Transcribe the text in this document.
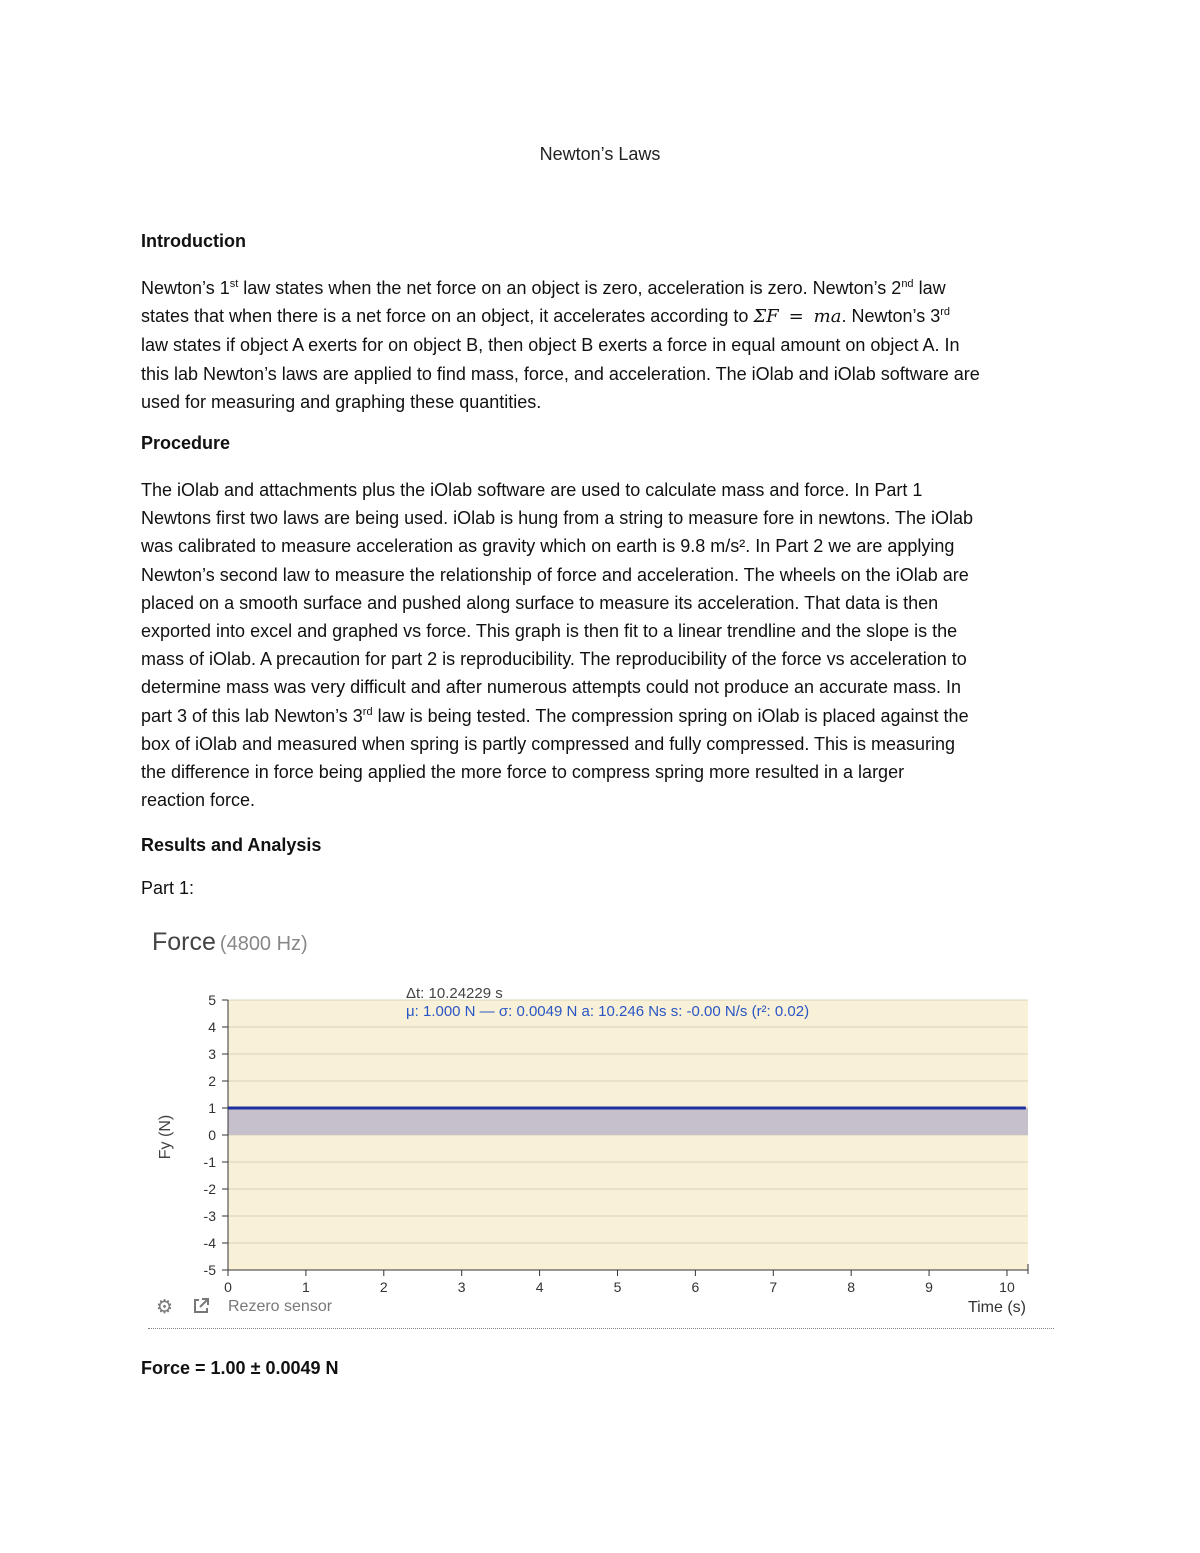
Newton’s Laws
Introduction
Newton’s 1st law states when the net force on an object is zero, acceleration is zero. Newton’s 2nd law
states that when there is a net force on an object, it accelerates according to ΣF = ma. Newton’s 3rd
law states if object A exerts for on object B, then object B exerts a force in equal amount on object A. In
this lab Newton’s laws are applied to find mass, force, and acceleration. The iOlab and iOlab software are
used for measuring and graphing these quantities.
Procedure
The iOlab and attachments plus the iOlab software are used to calculate mass and force. In Part 1
Newtons first two laws are being used. iOlab is hung from a string to measure fore in newtons. The iOlab
was calibrated to measure acceleration as gravity which on earth is 9.8 m/s². In Part 2 we are applying
Newton’s second law to measure the relationship of force and acceleration. The wheels on the iOlab are
placed on a smooth surface and pushed along surface to measure its acceleration. That data is then
exported into excel and graphed vs force. This graph is then fit to a linear trendline and the slope is the
mass of iOlab. A precaution for part 2 is reproducibility. The reproducibility of the force vs acceleration to
determine mass was very difficult and after numerous attempts could not produce an accurate mass. In
part 3 of this lab Newton’s 3rd law is being tested. The compression spring on iOlab is placed against the
box of iOlab and measured when spring is partly compressed and fully compressed. This is measuring
the difference in force being applied the more force to compress spring more resulted in a larger
reaction force.
Results and Analysis
Part 1:
Force (4800 Hz)
5
4
3
2
1
0
-1
-2
-3
-4
-5
0	1	2	3	4	5	6	7	8	9	10
Fy (N)
Δt: 10.24229 s
μ: 1.000 N — σ: 0.0049 N a: 10.246 Ns s: -0.00 N/s (r²: 0.02)
⚙	Rezero sensor	Time (s)
Force = 1.00 ± 0.0049 N
